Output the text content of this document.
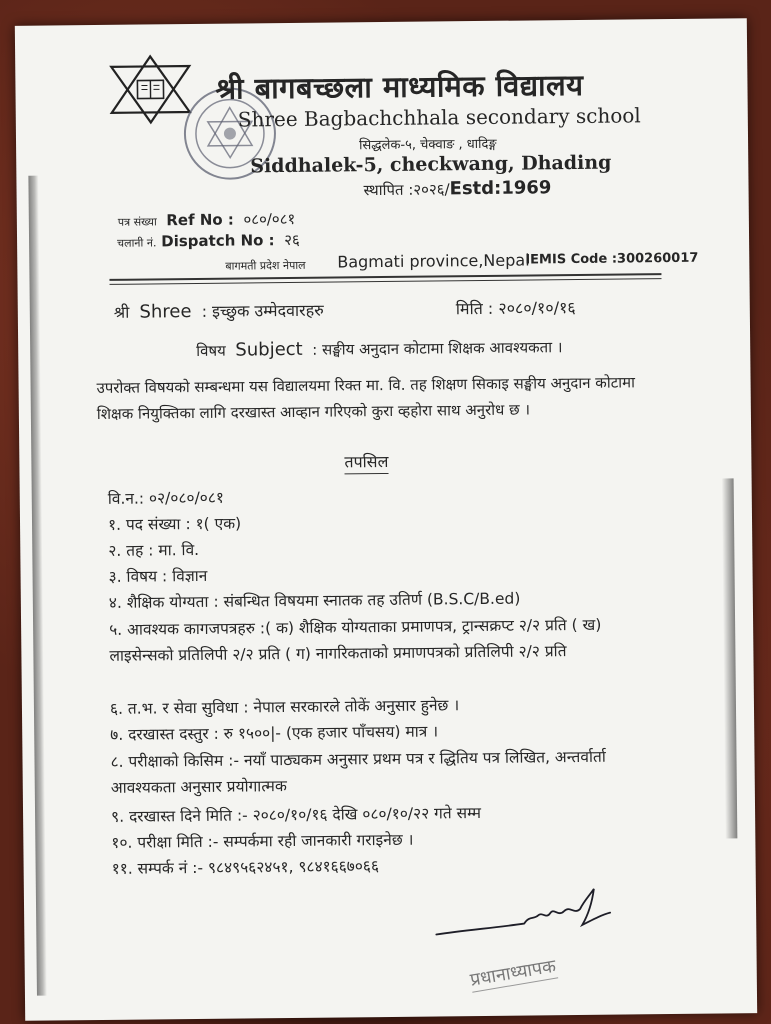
श्री बागबच्छला माध्यमिक विद्यालय
Shree Bagbachchhala secondary school
सिद्धलेक-५, चेक्वाङ , धादिङ्ग
Siddhalek-5, checkwang, Dhading
स्थापित :२०२६/Estd:1969
पत्र संख्या Ref No : ०८०/०८१
चलानी नं. Dispatch No : २६
बागमती प्रदेश नेपाल Bagmati province,Nepal
IEMIS Code :300260017
श्री Shree : इच्छुक उम्मेदवारहरु	मिति : २०८०/१०/१६
विषय Subject : सङ्घीय अनुदान कोटामा शिक्षक आवश्यकता ।
उपरोक्त विषयको सम्बन्धमा यस विद्यालयमा रिक्त मा. वि. तह शिक्षण सिकाइ सङ्घीय अनुदान कोटामा शिक्षक नियुक्तिका लागि दरखास्त आव्हान गरिएको कुरा व्हहोरा साथ अनुरोध छ ।
तपसिल
वि.न.: ०२/०८०/०८१
१. पद संख्या : १( एक)
२. तह : मा. वि.
३. विषय : विज्ञान
४. शैक्षिक योग्यता : संबन्धित विषयमा स्नातक तह उतिर्ण (B.S.C/B.ed)
५. आवश्यक कागजपत्रहरु :( क) शैक्षिक योग्यताका प्रमाणपत्र, ट्रान्सक्रप्ट २/२ प्रति ( ख) लाइसेन्सको प्रतिलिपी २/२ प्रति ( ग) नागरिकताको प्रमाणपत्रको प्रतिलिपी २/२ प्रति
६. त.भ. र सेवा सुविधा : नेपाल सरकारले तोकें अनुसार हुनेछ ।
७. दरखास्त दस्तुर : रु १५००|- (एक हजार पाँचसय) मात्र ।
८. परीक्षाको किसिम :- नयाँ पाठ्यकम अनुसार प्रथम पत्र र द्धितिय पत्र लिखित, अन्तर्वार्ता आवश्यकता अनुसार प्रयोगात्मक
९. दरखास्त दिने मिति :- २०८०/१०/१६ देखि ०८०/१०/२२ गते सम्म
१०. परीक्षा मिति :- सम्पर्कमा रही जानकारी गराइनेछ ।
११. सम्पर्क नं :- ९८४९५६२४५१, ९८४१६६७०६६
प्रधानाध्यापक
